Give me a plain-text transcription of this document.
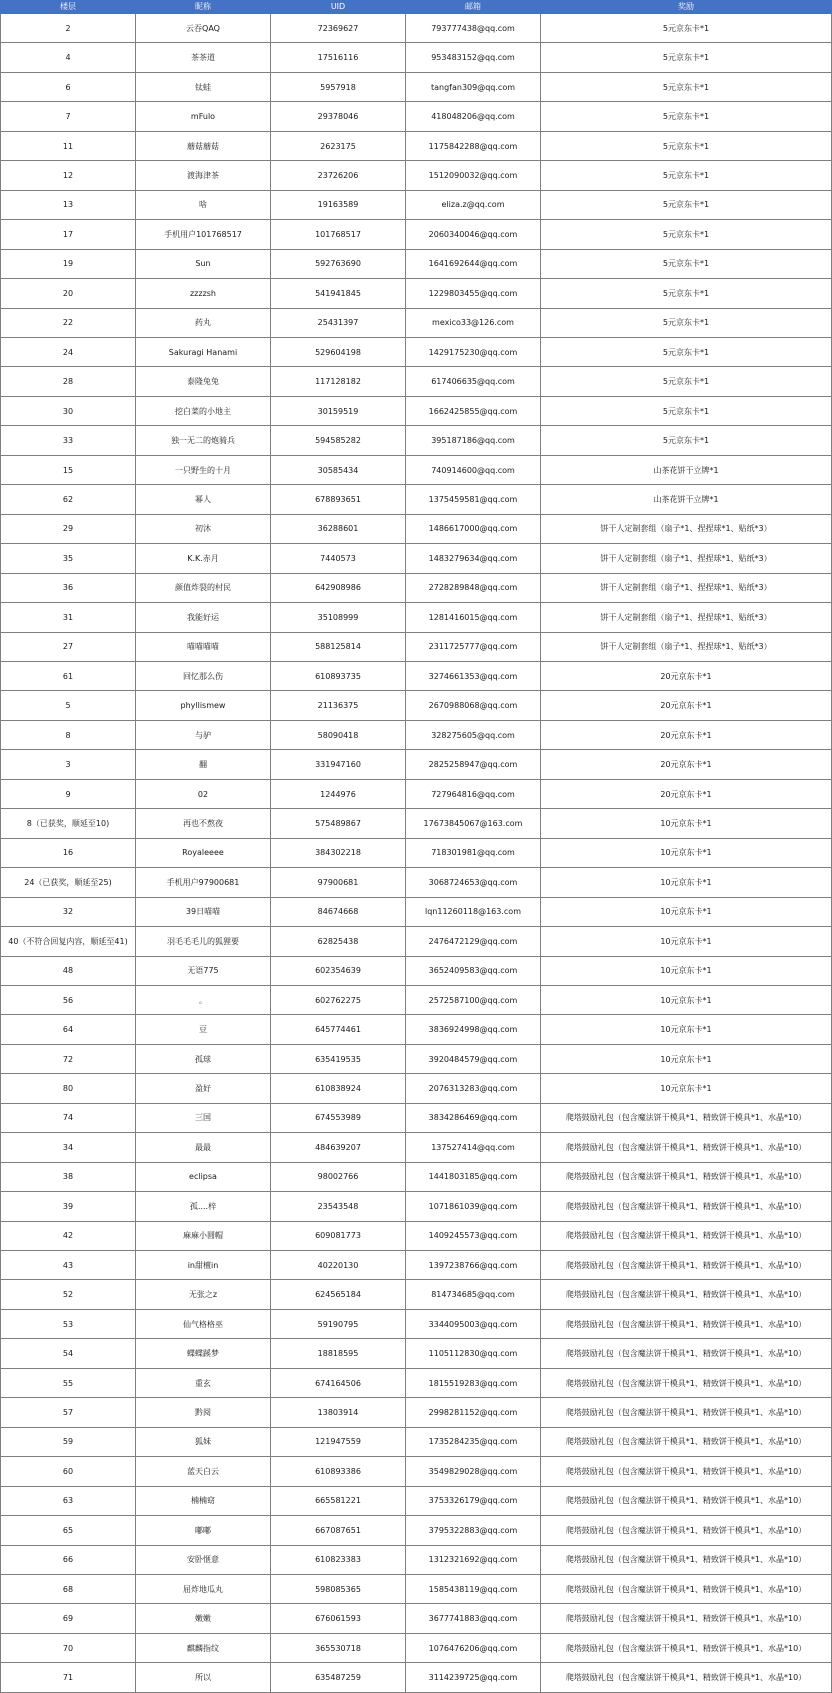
楼层	昵称	UID	邮箱	奖励
2	云吞QAQ	72369627	793777438@qq.com	5元京东卡*1
4	茶茶道	17516116	953483152@qq.com	5元京东卡*1
6	钛蛙	5957918	tangfan309@qq.com	5元京东卡*1
7	mFulo	29378046	418048206@qq.com	5元京东卡*1
11	蘑菇蘑菇	2623175	1175842288@qq.com	5元京东卡*1
12	渡海津茶	23726206	1512090032@qq.com	5元京东卡*1
13	啥	19163589	eliza.z@qq.com	5元京东卡*1
17	手机用户101768517	101768517	2060340046@qq.com	5元京东卡*1
19	Sun	592763690	1641692644@qq.com	5元京东卡*1
20	zzzzsh	541941845	1229803455@qq.com	5元京东卡*1
22	药丸	25431397	mexico33@126.com	5元京东卡*1
24	Sakuragi Hanami	529604198	1429175230@qq.com	5元京东卡*1
28	泰隆兔兔	117128182	617406635@qq.com	5元京东卡*1
30	挖白菜的小地主	30159519	1662425855@qq.com	5元京东卡*1
33	独一无二的炮骑兵	594585282	395187186@qq.com	5元京东卡*1
15	一只野生的十月	30585434	740914600@qq.com	山茶花饼干立牌*1
62	幂人	678893651	1375459581@qq.com	山茶花饼干立牌*1
29	初沐	36288601	1486617000@qq.com	饼干人定制套组（扇子*1、捏捏球*1、贴纸*3）
35	K.K.赤月	7440573	1483279634@qq.com	饼干人定制套组（扇子*1、捏捏球*1、贴纸*3）
36	颜值炸裂的村民	642908986	2728289848@qq.com	饼干人定制套组（扇子*1、捏捏球*1、贴纸*3）
31	我能好运	35108999	1281416015@qq.com	饼干人定制套组（扇子*1、捏捏球*1、贴纸*3）
27	喵喵喵喵	588125814	2311725777@qq.com	饼干人定制套组（扇子*1、捏捏球*1、贴纸*3）
61	回忆那么伤	610893735	3274661353@qq.com	20元京东卡*1
5	phyllismew	21136375	2670988068@qq.com	20元京东卡*1
8	与驴	58090418	328275605@qq.com	20元京东卡*1
3	翻	331947160	2825258947@qq.com	20元京东卡*1
9	02	1244976	727964816@qq.com	20元京东卡*1
8（已获奖，顺延至10)	再也不熬夜	575489867	17673845067@163.com	10元京东卡*1
16	Royaleeee	384302218	718301981@qq.com	10元京东卡*1
24（已获奖，顺延至25)	手机用户97900681	97900681	3068724653@qq.com	10元京东卡*1
32	39日喵喵	84674668	lqn11260118@163.com	10元京东卡*1
40（不符合回复内容，顺延至41)	羽毛毛毛儿的狐狸要	62825438	2476472129@qq.com	10元京东卡*1
48	无语775	602354639	3652409583@qq.com	10元京东卡*1
56	。	602762275	2572587100@qq.com	10元京东卡*1
64	豆	645774461	3836924998@qq.com	10元京东卡*1
72	孤球	635419535	3920484579@qq.com	10元京东卡*1
80	盈好	610838924	2076313283@qq.com	10元京东卡*1
74	三国	674553989	3834286469@qq.com	爬塔鼓励礼包（包含魔法饼干模具*1、精致饼干模具*1、水晶*10）
34	最最	484639207	137527414@qq.com	爬塔鼓励礼包（包含魔法饼干模具*1、精致饼干模具*1、水晶*10）
38	eclipsa	98002766	1441803185@qq.com	爬塔鼓励礼包（包含魔法饼干模具*1、精致饼干模具*1、水晶*10）
39	孤....梓	23543548	1071861039@qq.com	爬塔鼓励礼包（包含魔法饼干模具*1、精致饼干模具*1、水晶*10）
42	麻麻小圆帽	609081773	1409245573@qq.com	爬塔鼓励礼包（包含魔法饼干模具*1、精致饼干模具*1、水晶*10）
43	in甜檀in	40220130	1397238766@qq.com	爬塔鼓励礼包（包含魔法饼干模具*1、精致饼干模具*1、水晶*10）
52	无张之z	624565184	814734685@qq.com	爬塔鼓励礼包（包含魔法饼干模具*1、精致饼干模具*1、水晶*10）
53	仙气格格巫	59190795	3344095003@qq.com	爬塔鼓励礼包（包含魔法饼干模具*1、精致饼干模具*1、水晶*10）
54	蝶蝶蹊梦	18818595	1105112830@qq.com	爬塔鼓励礼包（包含魔法饼干模具*1、精致饼干模具*1、水晶*10）
55	重玄	674164506	1815519283@qq.com	爬塔鼓励礼包（包含魔法饼干模具*1、精致饼干模具*1、水晶*10）
57	黔阅	13803914	2998281152@qq.com	爬塔鼓励礼包（包含魔法饼干模具*1、精致饼干模具*1、水晶*10）
59	狐妹	121947559	1735284235@qq.com	爬塔鼓励礼包（包含魔法饼干模具*1、精致饼干模具*1、水晶*10）
60	蓝天白云	610893386	3549829028@qq.com	爬塔鼓励礼包（包含魔法饼干模具*1、精致饼干模具*1、水晶*10）
63	楠楠窈	665581221	3753326179@qq.com	爬塔鼓励礼包（包含魔法饼干模具*1、精致饼干模具*1、水晶*10）
65	嘟嘟	667087651	3795322883@qq.com	爬塔鼓励礼包（包含魔法饼干模具*1、精致饼干模具*1、水晶*10）
66	安卧惬意	610823383	1312321692@qq.com	爬塔鼓励礼包（包含魔法饼干模具*1、精致饼干模具*1、水晶*10）
68	屈炸地瓜丸	598085365	1585438119@qq.com	爬塔鼓励礼包（包含魔法饼干模具*1、精致饼干模具*1、水晶*10）
69	嫩嫩	676061593	3677741883@qq.com	爬塔鼓励礼包（包含魔法饼干模具*1、精致饼干模具*1、水晶*10）
70	麒麟指纹	365530718	1076476206@qq.com	爬塔鼓励礼包（包含魔法饼干模具*1、精致饼干模具*1、水晶*10）
71	所以	635487259	3114239725@qq.com	爬塔鼓励礼包（包含魔法饼干模具*1、精致饼干模具*1、水晶*10）
